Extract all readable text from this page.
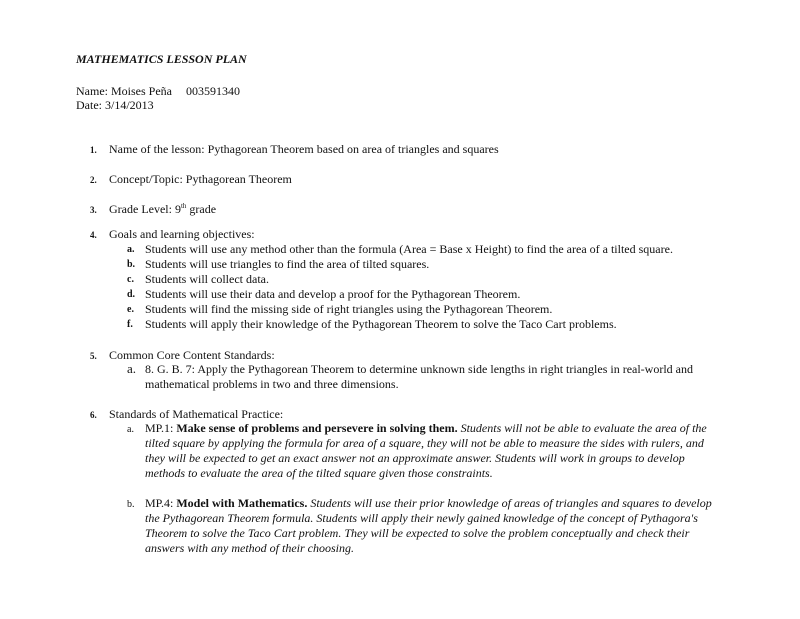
MATHEMATICS LESSON PLAN
Name: Moises Peña 003591340
Date: 3/14/2013
1. Name of the lesson: Pythagorean Theorem based on area of triangles and squares
2. Concept/Topic: Pythagorean Theorem
3. Grade Level: 9th grade
4. Goals and learning objectives:
a. Students will use any method other than the formula (Area = Base x Height) to find the area of a tilted square.
b. Students will use triangles to find the area of tilted squares.
c. Students will collect data.
d. Students will use their data and develop a proof for the Pythagorean Theorem.
e. Students will find the missing side of right triangles using the Pythagorean Theorem.
f. Students will apply their knowledge of the Pythagorean Theorem to solve the Taco Cart problems.
5. Common Core Content Standards:
a. 8. G. B. 7: Apply the Pythagorean Theorem to determine unknown side lengths in right triangles in real-world and
mathematical problems in two and three dimensions.
6. Standards of Mathematical Practice:
a. MP.1: Make sense of problems and persevere in solving them. Students will not be able to evaluate the area of the
tilted square by applying the formula for area of a square, they will not be able to measure the sides with rulers, and
they will be expected to get an exact answer not an approximate answer. Students will work in groups to develop
methods to evaluate the area of the tilted square given those constraints.
b. MP.4: Model with Mathematics. Students will use their prior knowledge of areas of triangles and squares to develop
the Pythagorean Theorem formula. Students will apply their newly gained knowledge of the concept of Pythagora's
Theorem to solve the Taco Cart problem. They will be expected to solve the problem conceptually and check their
answers with any method of their choosing.
